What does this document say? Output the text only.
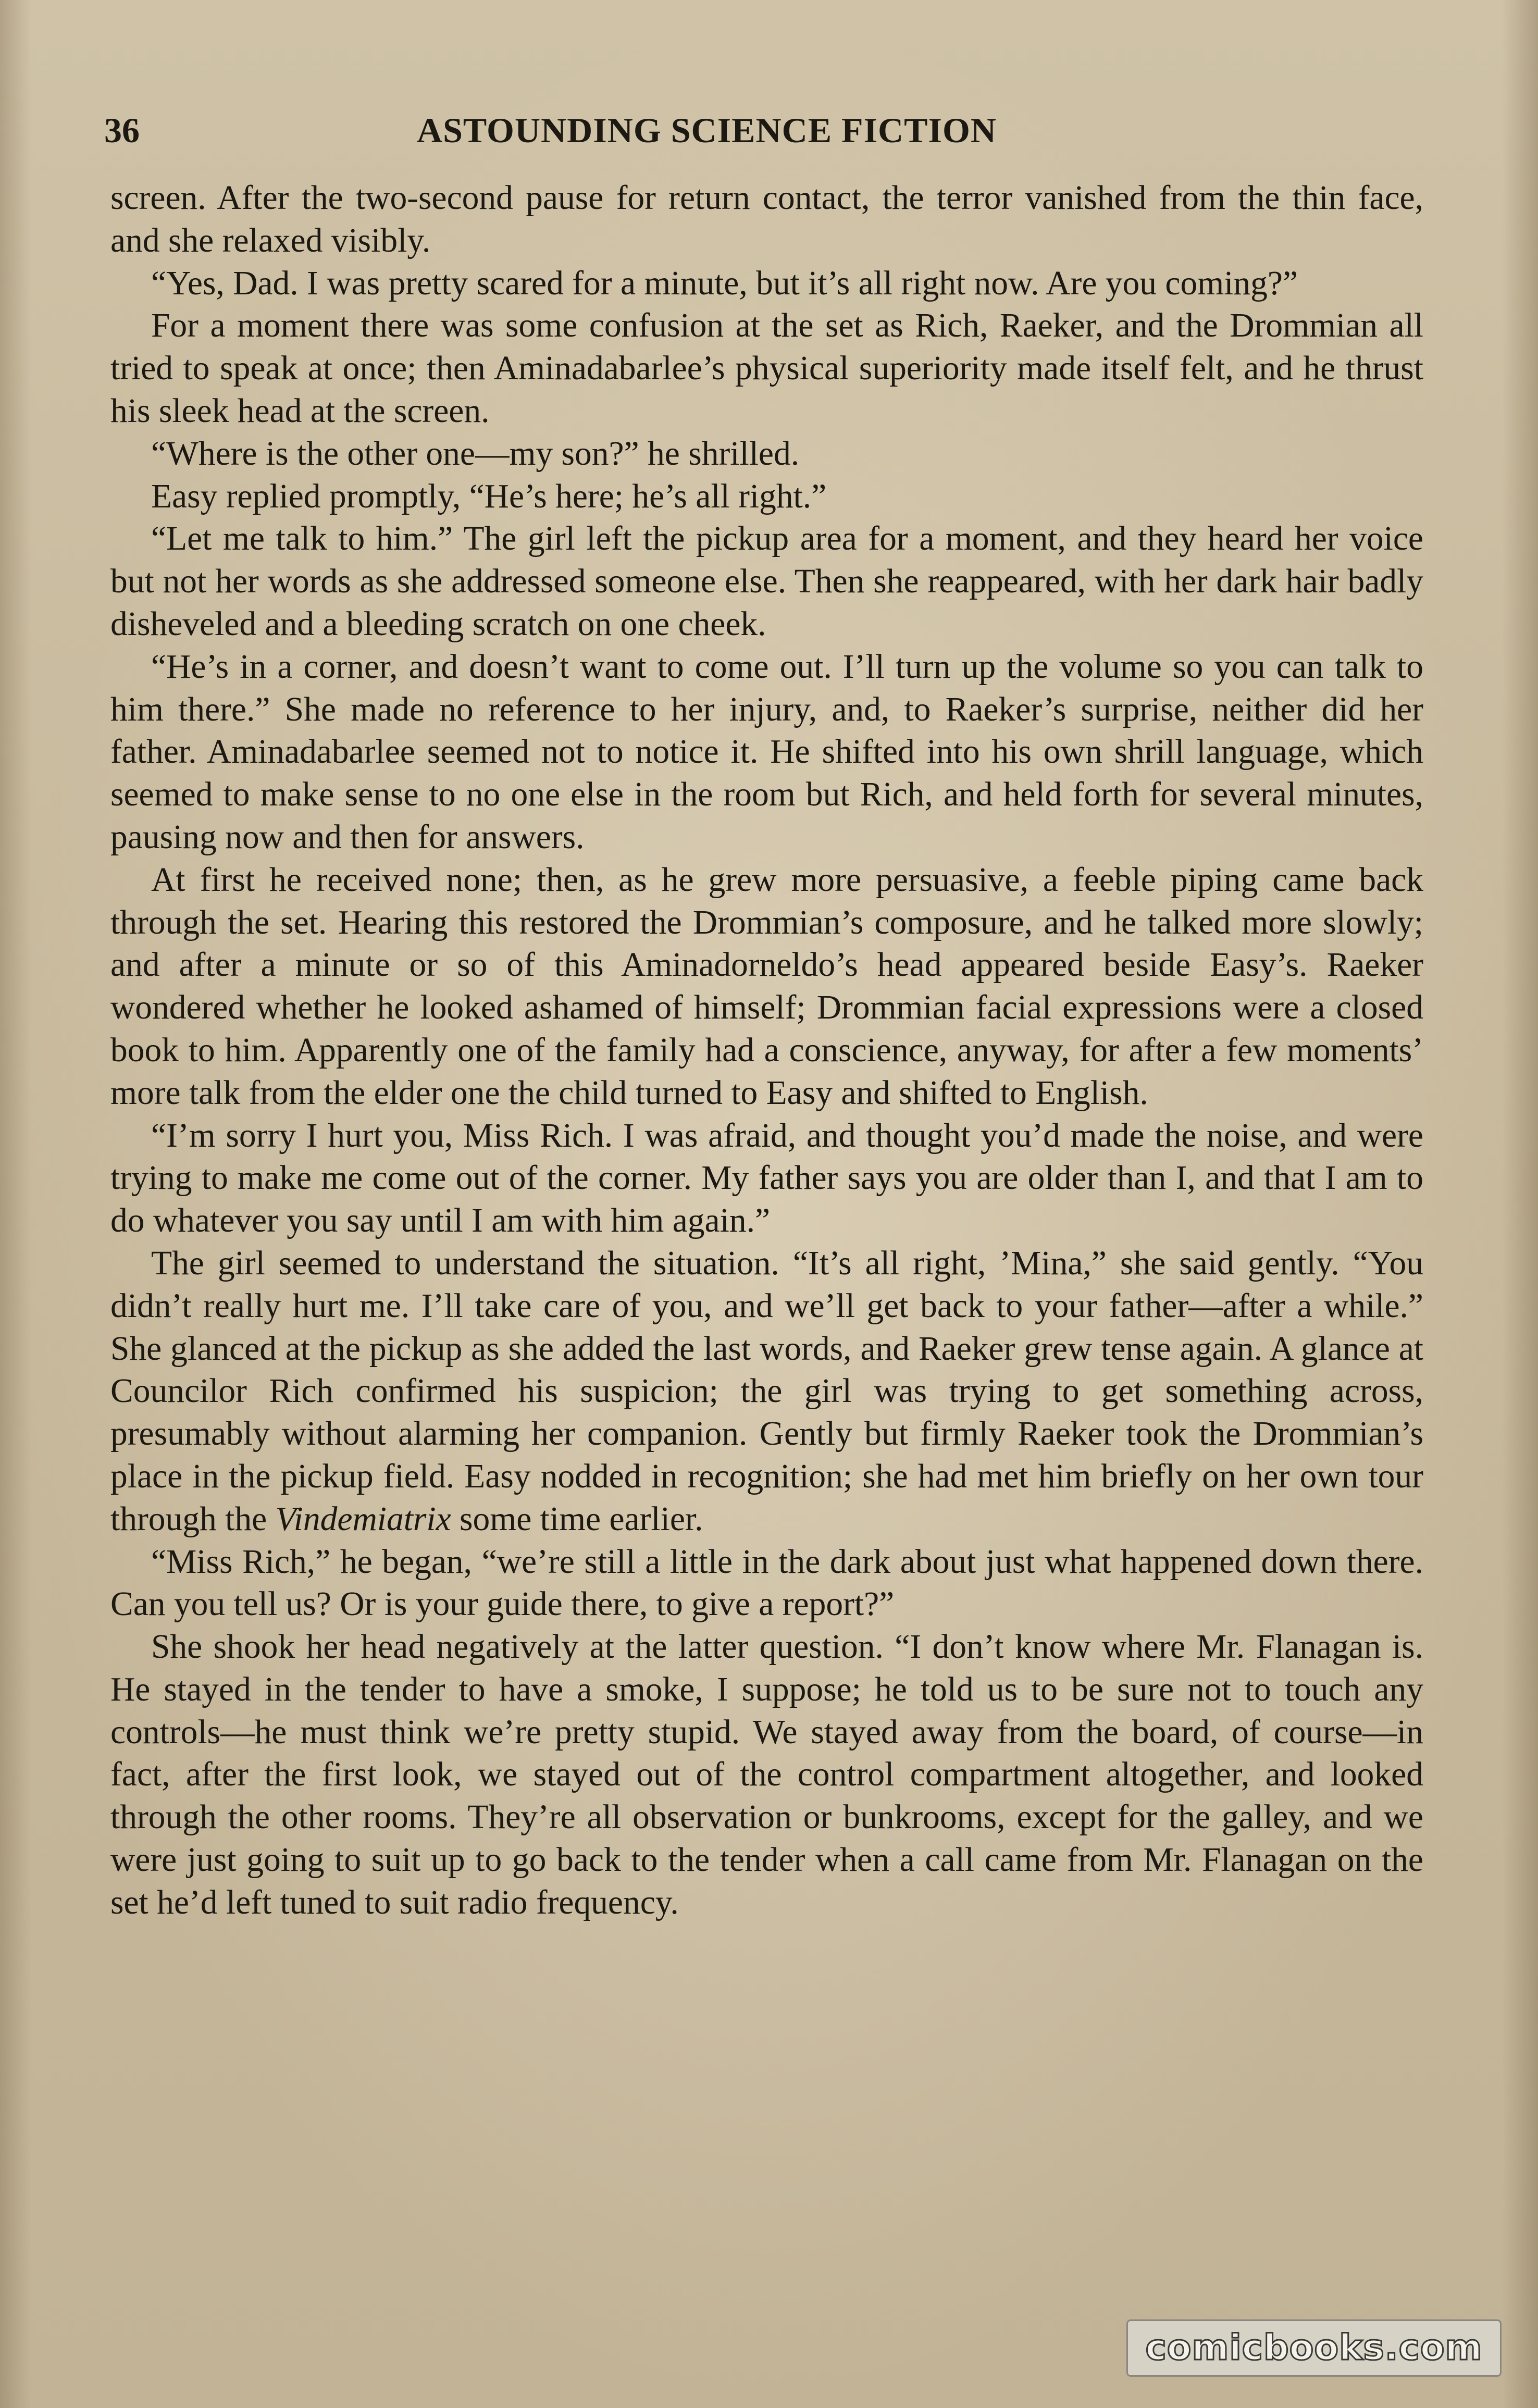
36	ASTOUNDING SCIENCE FICTION

screen. After the two-second pause for return contact, the terror vanished from the thin face, and she relaxed visibly.

“Yes, Dad. I was pretty scared for a minute, but it’s all right now. Are you coming?”

For a moment there was some confusion at the set as Rich, Raeker, and the Drommian all tried to speak at once; then Aminadabarlee’s physical superiority made itself felt, and he thrust his sleek head at the screen.

“Where is the other one—my son?” he shrilled.

Easy replied promptly, “He’s here; he’s all right.”

“Let me talk to him.” The girl left the pickup area for a moment, and they heard her voice but not her words as she addressed someone else. Then she reappeared, with her dark hair badly disheveled and a bleeding scratch on one cheek.

“He’s in a corner, and doesn’t want to come out. I’ll turn up the volume so you can talk to him there.” She made no reference to her injury, and, to Raeker’s surprise, neither did her father. Aminadabarlee seemed not to notice it. He shifted into his own shrill language, which seemed to make sense to no one else in the room but Rich, and held forth for several minutes, pausing now and then for answers.

At first he received none; then, as he grew more persuasive, a feeble piping came back through the set. Hearing this restored the Drommian’s composure, and he talked more slowly; and after a minute or so of this Aminadorneldo’s head appeared beside Easy’s. Raeker wondered whether he looked ashamed of himself; Drommian facial expressions were a closed book to him. Apparently one of the family had a conscience, anyway, for after a few moments’ more talk from the elder one the child turned to Easy and shifted to English.

“I’m sorry I hurt you, Miss Rich. I was afraid, and thought you’d made the noise, and were trying to make me come out of the corner. My father says you are older than I, and that I am to do whatever you say until I am with him again.”

The girl seemed to understand the situation. “It’s all right, ’Mina,” she said gently. “You didn’t really hurt me. I’ll take care of you, and we’ll get back to your father—after a while.” She glanced at the pickup as she added the last words, and Raeker grew tense again. A glance at Councilor Rich confirmed his suspicion; the girl was trying to get something across, presumably without alarming her companion. Gently but firmly Raeker took the Drommian’s place in the pickup field. Easy nodded in recognition; she had met him briefly on her own tour through the Vindemiatrix some time earlier.

“Miss Rich,” he began, “we’re still a little in the dark about just what happened down there. Can you tell us? Or is your guide there, to give a report?”

She shook her head negatively at the latter question. “I don’t know where Mr. Flanagan is. He stayed in the tender to have a smoke, I suppose; he told us to be sure not to touch any controls—he must think we’re pretty stupid. We stayed away from the board, of course—in fact, after the first look, we stayed out of the control compartment altogether, and looked through the other rooms. They’re all observation or bunkrooms, except for the galley, and we were just going to suit up to go back to the tender when a call came from Mr. Flanagan on the set he’d left tuned to suit radio frequency.

comicbooks.com
